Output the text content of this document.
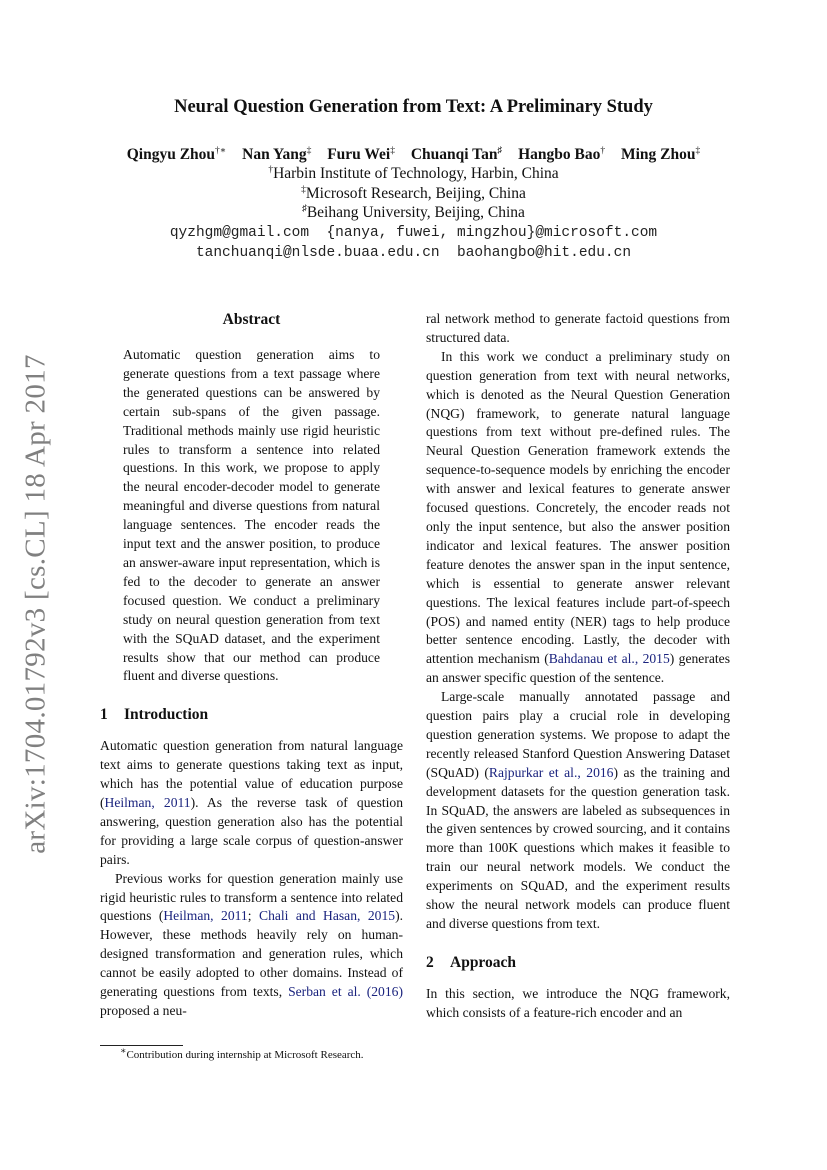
arXiv:1704.01792v3 [cs.CL] 18 Apr 2017
Neural Question Generation from Text: A Preliminary Study
Qingyu Zhou†∗ Nan Yang‡ Furu Wei‡ Chuanqi Tan♯ Hangbo Bao† Ming Zhou‡
†Harbin Institute of Technology, Harbin, China
‡Microsoft Research, Beijing, China
♯Beihang University, Beijing, China
qyzhgm@gmail.com  {nanya, fuwei, mingzhou}@microsoft.com
tanchuanqi@nlsde.buaa.edu.cn  baohangbo@hit.edu.cn

Abstract

Automatic question generation aims to generate questions from a text passage where the generated questions can be answered by certain sub-spans of the given passage. Traditional methods mainly use rigid heuristic rules to transform a sentence into related questions. In this work, we propose to apply the neural encoder-decoder model to generate meaningful and diverse questions from natural language sentences. The encoder reads the input text and the answer position, to produce an answer-aware input representation, which is fed to the decoder to generate an answer focused question. We conduct a preliminary study on neural question generation from text with the SQuAD dataset, and the experiment results show that our method can produce fluent and diverse questions.

1 Introduction

Automatic question generation from natural language text aims to generate questions taking text as input, which has the potential value of education purpose (Heilman, 2011). As the reverse task of question answering, question generation also has the potential for providing a large scale corpus of question-answer pairs.

Previous works for question generation mainly use rigid heuristic rules to transform a sentence into related questions (Heilman, 2011; Chali and Hasan, 2015). However, these methods heavily rely on human-designed transformation and generation rules, which cannot be easily adopted to other domains. Instead of generating questions from texts, Serban et al. (2016) proposed a neu-

∗Contribution during internship at Microsoft Research.

ral network method to generate factoid questions from structured data.

In this work we conduct a preliminary study on question generation from text with neural networks, which is denoted as the Neural Question Generation (NQG) framework, to generate natural language questions from text without pre-defined rules. The Neural Question Generation framework extends the sequence-to-sequence models by enriching the encoder with answer and lexical features to generate answer focused questions. Concretely, the encoder reads not only the input sentence, but also the answer position indicator and lexical features. The answer position feature denotes the answer span in the input sentence, which is essential to generate answer relevant questions. The lexical features include part-of-speech (POS) and named entity (NER) tags to help produce better sentence encoding. Lastly, the decoder with attention mechanism (Bahdanau et al., 2015) generates an answer specific question of the sentence.

Large-scale manually annotated passage and question pairs play a crucial role in developing question generation systems. We propose to adapt the recently released Stanford Question Answering Dataset (SQuAD) (Rajpurkar et al., 2016) as the training and development datasets for the question generation task. In SQuAD, the answers are labeled as subsequences in the given sentences by crowed sourcing, and it contains more than 100K questions which makes it feasible to train our neural network models. We conduct the experiments on SQuAD, and the experiment results show the neural network models can produce fluent and diverse questions from text.

2 Approach

In this section, we introduce the NQG framework, which consists of a feature-rich encoder and an
